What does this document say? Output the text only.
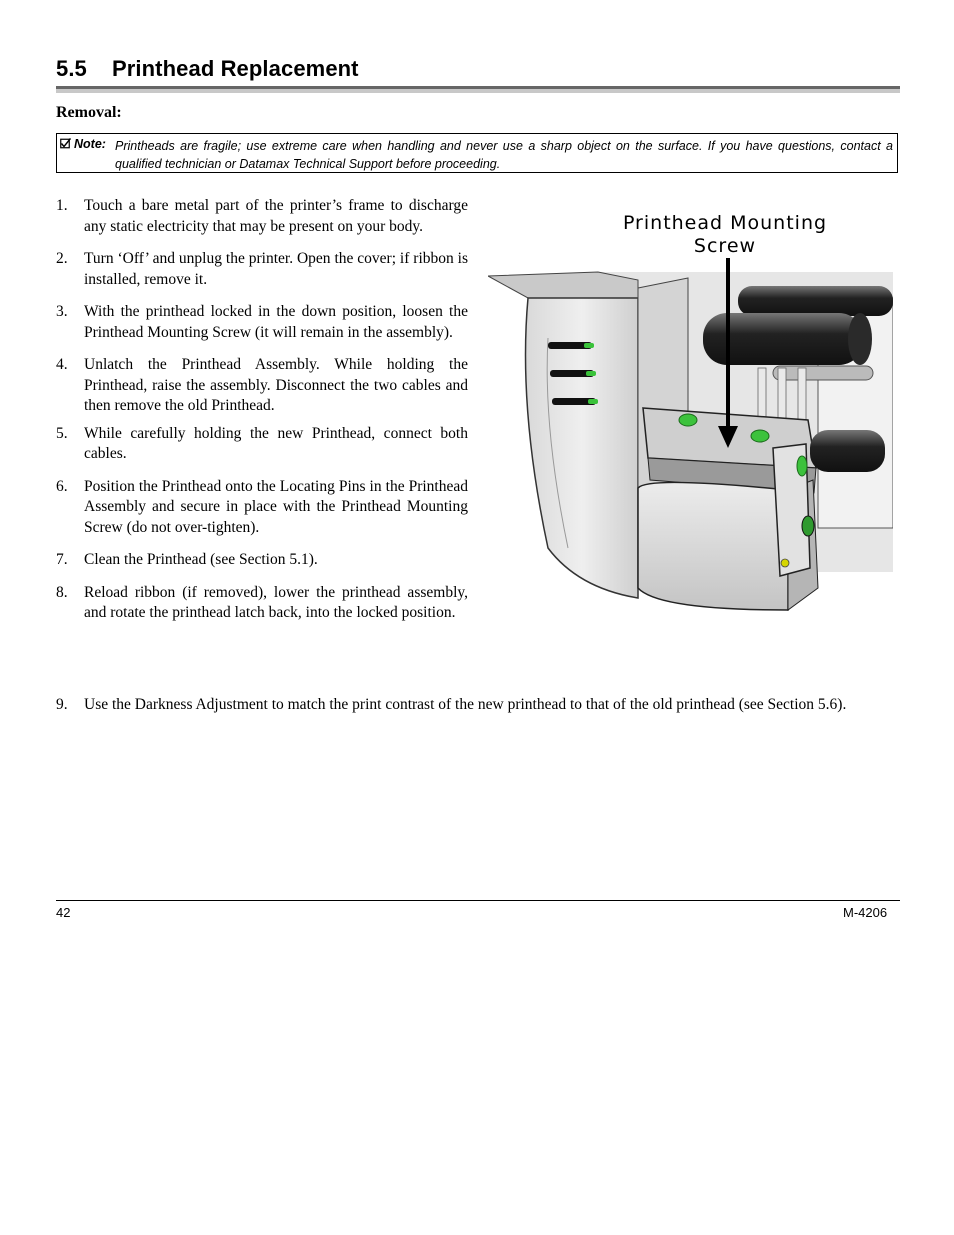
5.5 Printhead Replacement
Removal:
Note: Printheads are fragile; use extreme care when handling and never use a sharp object on the surface. If you have questions, contact a qualified technician or Datamax Technical Support before proceeding.
1. Touch a bare metal part of the printer’s frame to discharge any static electricity that may be present on your body.
2. Turn ‘Off’ and unplug the printer. Open the cover; if ribbon is installed, remove it.
3. With the printhead locked in the down position, loosen the Printhead Mounting Screw (it will remain in the assembly).
4. Unlatch the Printhead Assembly. While holding the Printhead, raise the assembly. Disconnect the two cables and then remove the old Printhead.
5. While carefully holding the new Printhead, connect both cables.
6. Position the Printhead onto the Locating Pins in the Printhead Assembly and secure in place with the Printhead Mounting Screw (do not over-tighten).
7. Clean the Printhead (see Section 5.1).
8. Reload ribbon (if removed), lower the printhead assembly, and rotate the printhead latch back, into the locked position.
9.	Use the Darkness Adjustment to match the print contrast of the new printhead to that of the old printhead (see Section 5.6).
Printhead Mounting
Screw
42	M-4206
